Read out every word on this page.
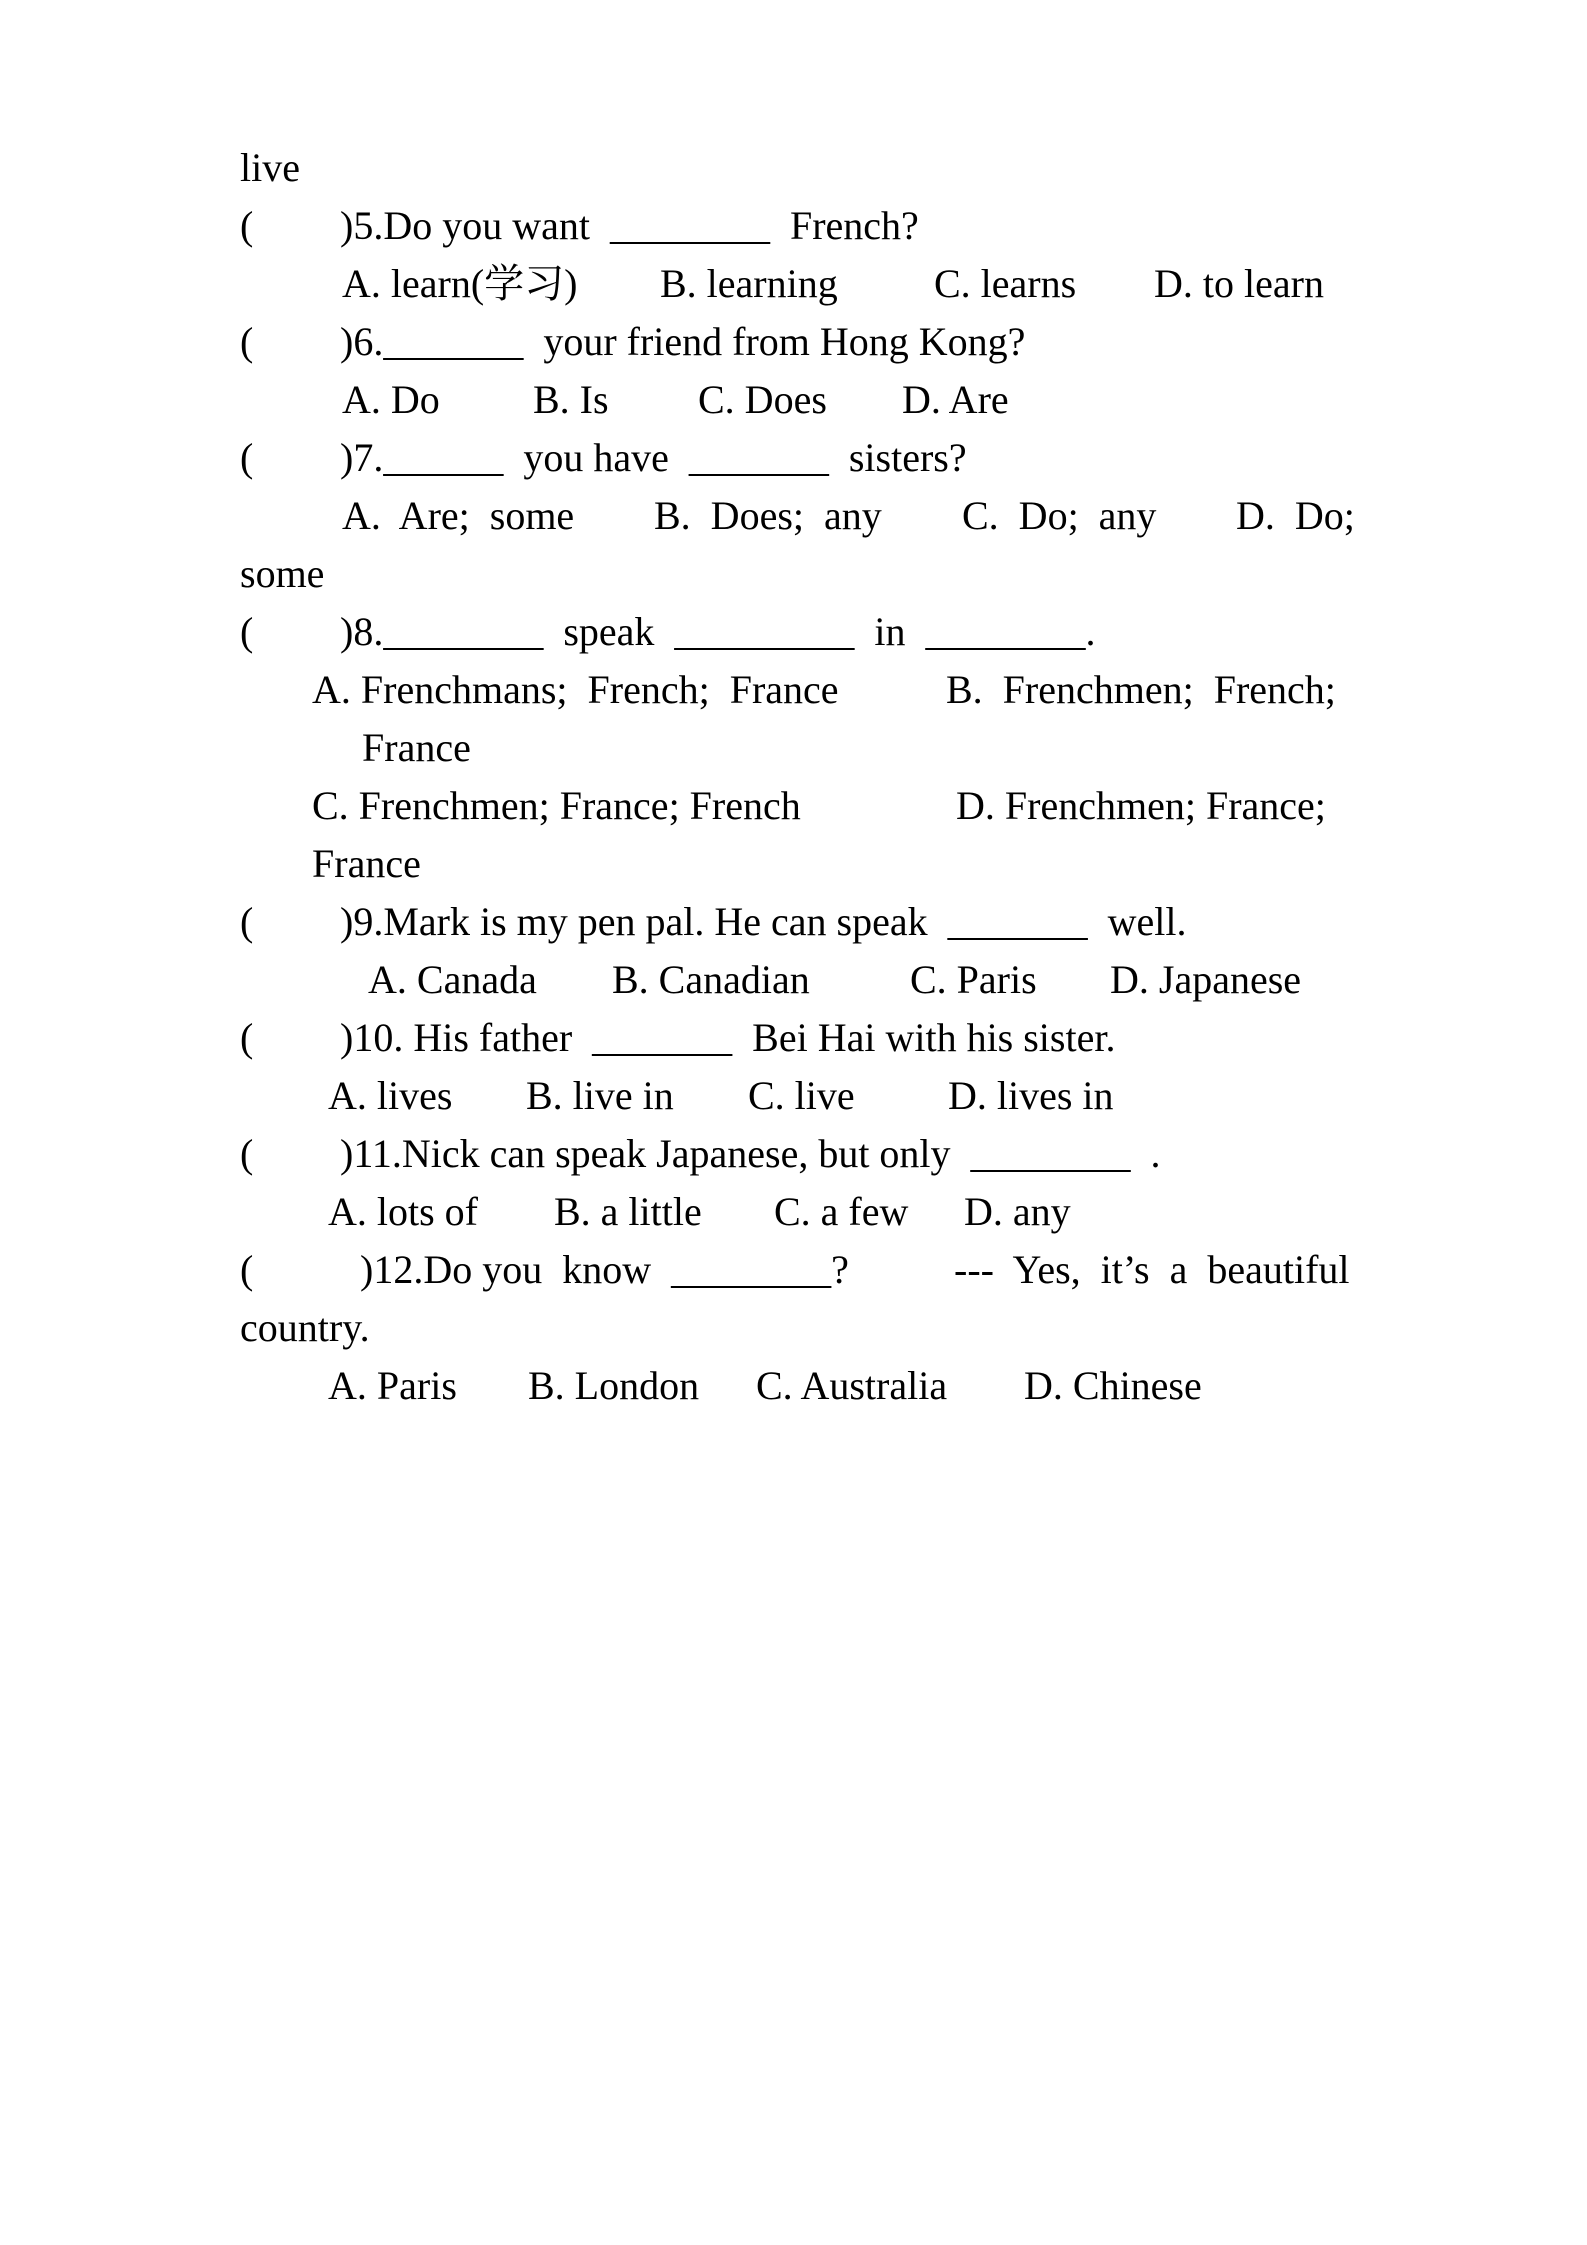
live

(

)5.Do you want  ________  French?

A. learn(学习)

B. learning

C. learns

D. to learn

(

)6._______  your friend from Hong Kong?

A. Do

B. Is

C. Does

D. Are

(

)7.______  you have  _______  sisters?

A.  Are;  some

B.  Does;  any

C.  Do;  any

D.  Do;

some

(

)8.________  speak  _________  in  ________.

A. Frenchmans;  French;  France

	B.  Frenchmen;  French;

France

C. Frenchmen; France; French

	D. Frenchmen; France;

France

(

)9.Mark is my pen pal. He can speak  _______  well.

A. Canada

B. Canadian

	C. Paris

D. Japanese

(

)10. His father  _______  Bei Hai with his sister.

A. lives

B. live in

C. live

D. lives in

(

)11.Nick can speak Japanese, but only  ________  .

A. lots of

B. a little

C. a few

D. any

(

	)12.Do you  know  ________?

	---  Yes,  it’s  a  beautiful

country.

A. Paris

B. London

C. Australia

D. Chinese
